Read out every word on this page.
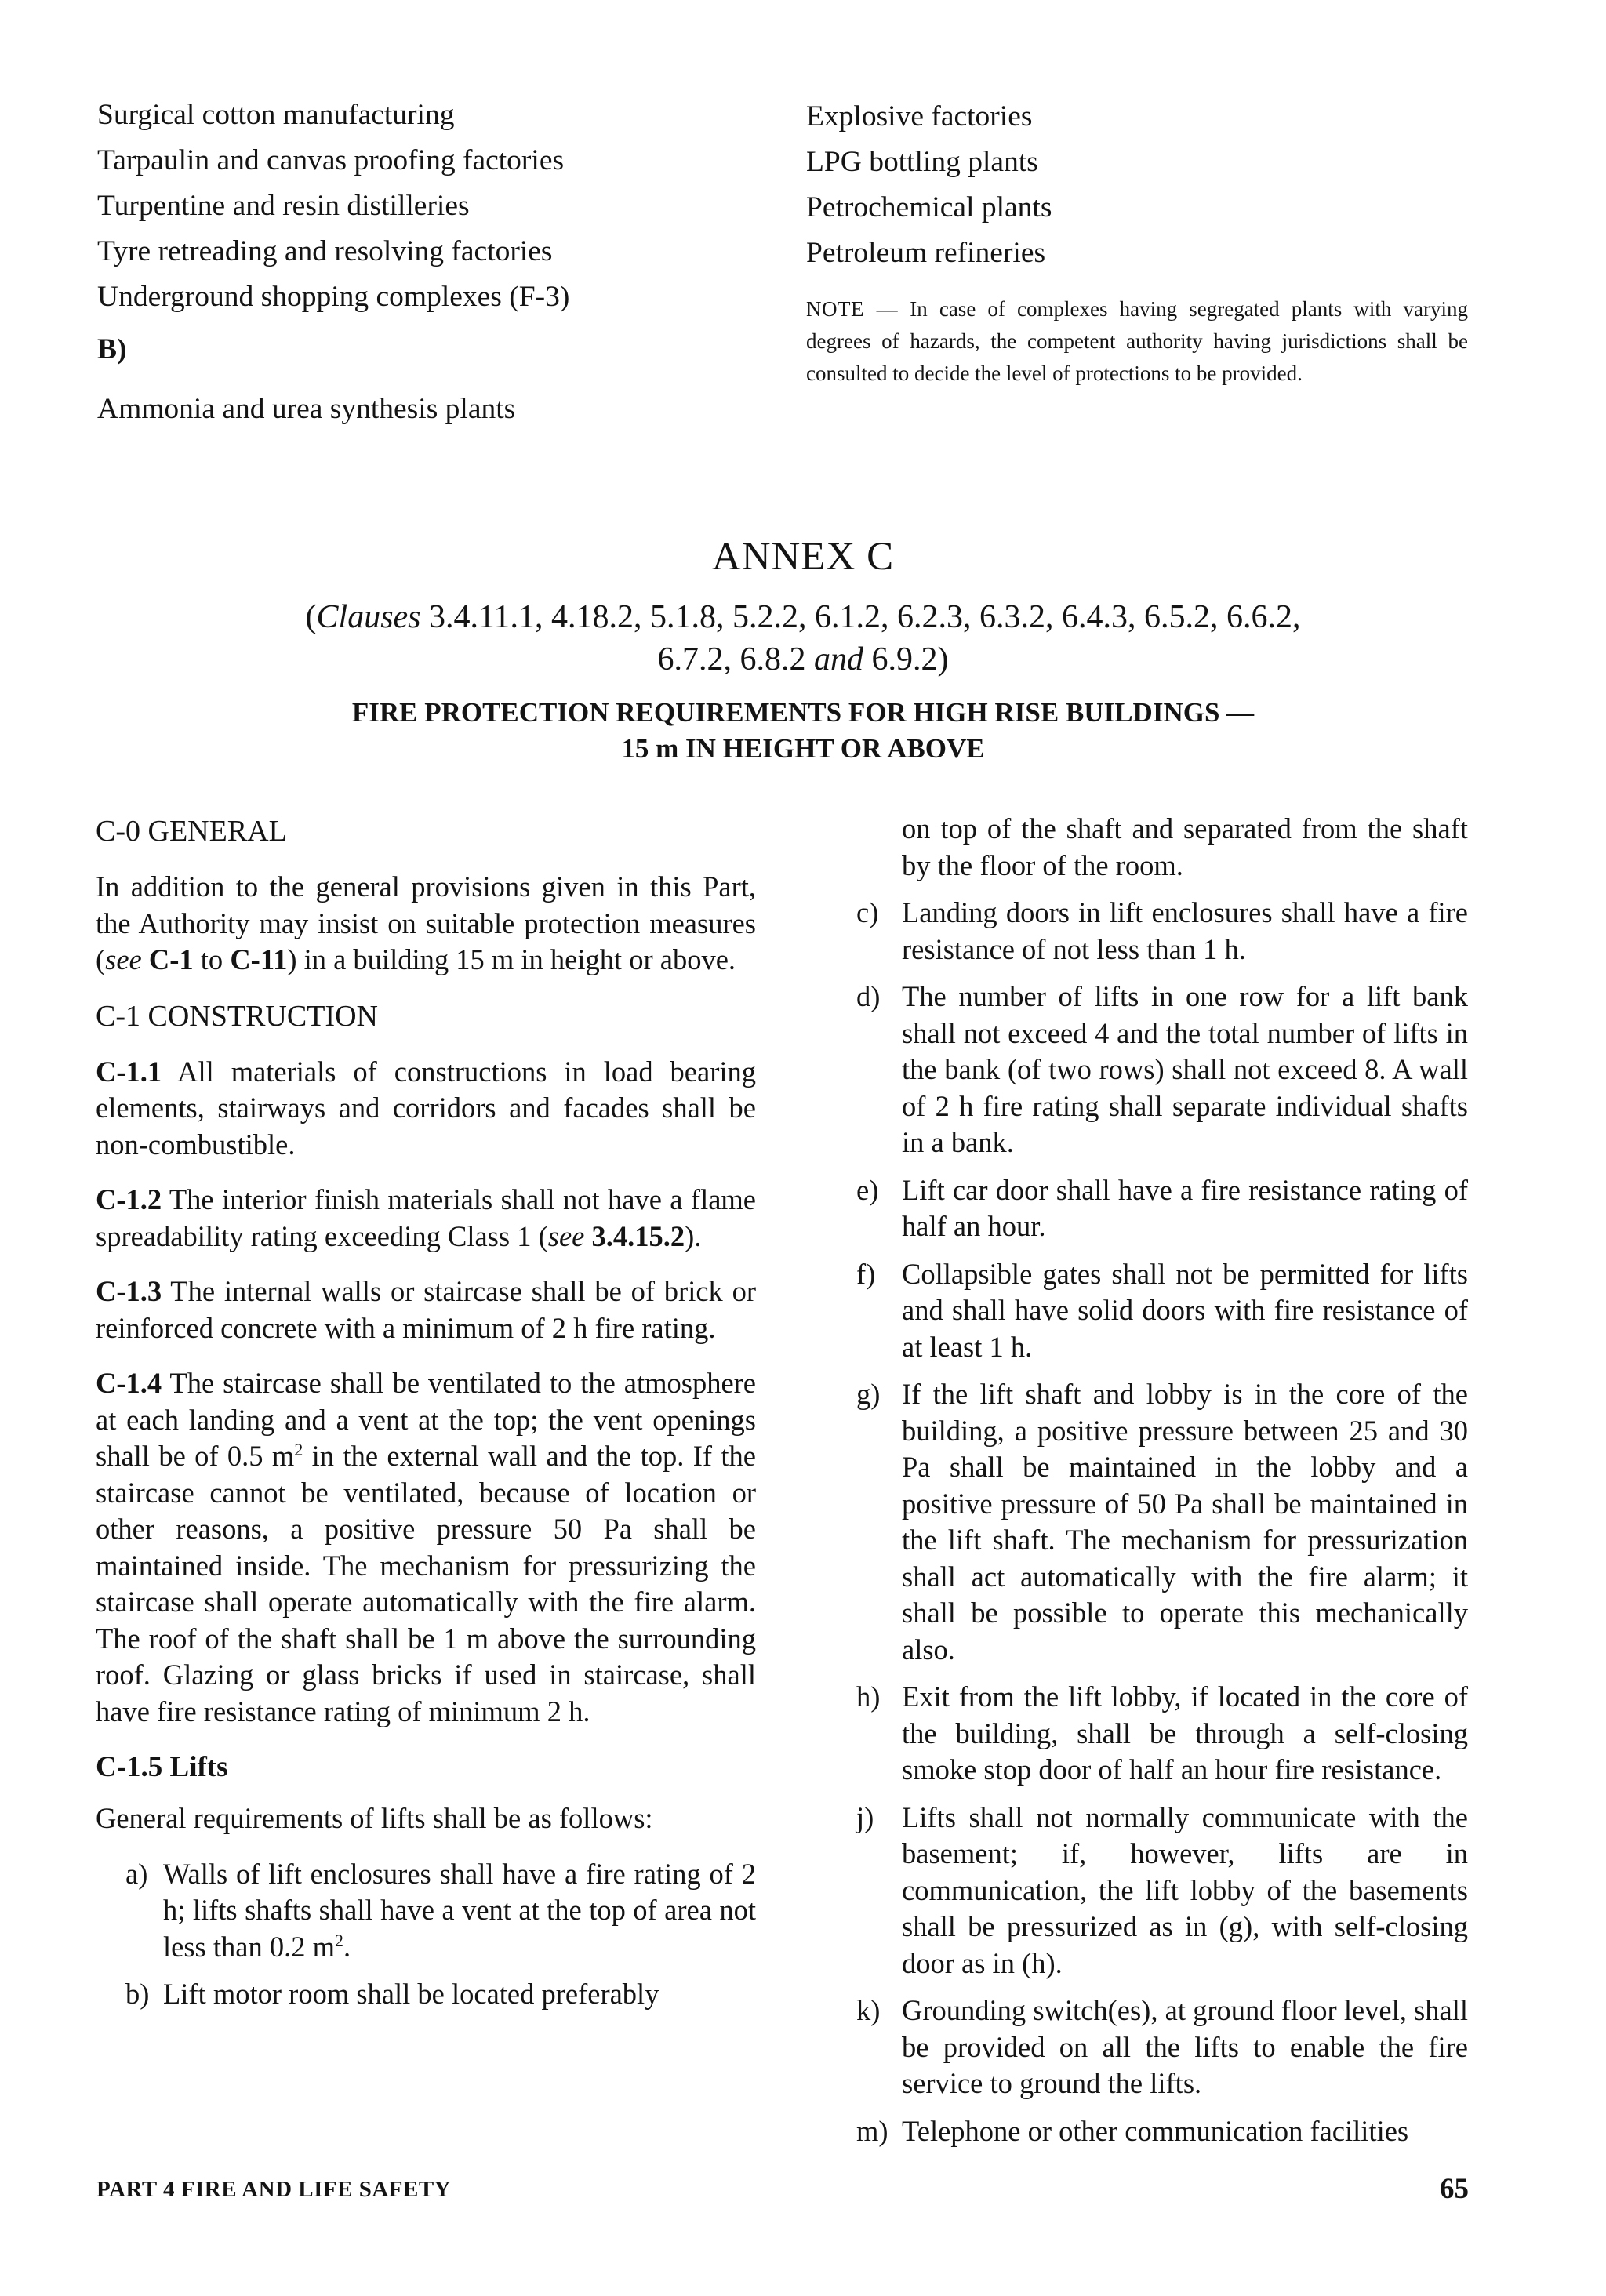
Surgical cotton manufacturing

Tarpaulin and canvas proofing factories

Turpentine and resin distilleries

Tyre retreading and resolving factories

Underground shopping complexes (F-3)

B)

Ammonia and urea synthesis plants

Explosive factories

LPG bottling plants

Petrochemical plants

Petroleum refineries

NOTE — In case of complexes having segregated plants with varying degrees of hazards, the competent authority having jurisdictions shall be consulted to decide the level of protections to be provided.

ANNEX C

(Clauses 3.4.11.1, 4.18.2, 5.1.8, 5.2.2, 6.1.2, 6.2.3, 6.3.2, 6.4.3, 6.5.2, 6.6.2,
6.7.2, 6.8.2 and 6.9.2)

FIRE PROTECTION REQUIREMENTS FOR HIGH RISE BUILDINGS —
15 m IN HEIGHT OR ABOVE

C-0 GENERAL

In addition to the general provisions given in this Part, the Authority may insist on suitable protection measures (see C-1 to C-11) in a building 15 m in height or above.

C-1 CONSTRUCTION

C-1.1 All materials of constructions in load bearing elements, stairways and corridors and facades shall be non-combustible.

C-1.2 The interior finish materials shall not have a flame spreadability rating exceeding Class 1 (see 3.4.15.2).

C-1.3 The internal walls or staircase shall be of brick or reinforced concrete with a minimum of 2 h fire rating.

C-1.4 The staircase shall be ventilated to the atmosphere at each landing and a vent at the top; the vent openings shall be of 0.5 $m^2$ in the external wall and the top. If the staircase cannot be ventilated, because of location or other reasons, a positive pressure 50 Pa shall be maintained inside. The mechanism for pressurizing the staircase shall operate automatically with the fire alarm. The roof of the shaft shall be 1 m above the surrounding roof. Glazing or glass bricks if used in staircase, shall have fire resistance rating of minimum 2 h.

C-1.5 Lifts

General requirements of lifts shall be as follows:

a) Walls of lift enclosures shall have a fire rating of 2 h; lifts shafts shall have a vent at the top of area not less than 0.2 $m^2$.
b) Lift motor room shall be located preferably
on top of the shaft and separated from the shaft by the floor of the room.
c) Landing doors in lift enclosures shall have a fire resistance of not less than 1 h.
d) The number of lifts in one row for a lift bank shall not exceed 4 and the total number of lifts in the bank (of two rows) shall not exceed 8. A wall of 2 h fire rating shall separate individual shafts in a bank.
e) Lift car door shall have a fire resistance rating of half an hour.
f) Collapsible gates shall not be permitted for lifts and shall have solid doors with fire resistance of at least 1 h.
g) If the lift shaft and lobby is in the core of the building, a positive pressure between 25 and 30 Pa shall be maintained in the lobby and a positive pressure of 50 Pa shall be maintained in the lift shaft. The mechanism for pressurization shall act automatically with the fire alarm; it shall be possible to operate this mechanically also.
h) Exit from the lift lobby, if located in the core of the building, shall be through a self-closing smoke stop door of half an hour fire resistance.
j) Lifts shall not normally communicate with the basement; if, however, lifts are in communication, the lift lobby of the basements shall be pressurized as in (g), with self-closing door as in (h).
k) Grounding switch(es), at ground floor level, shall be provided on all the lifts to enable the fire service to ground the lifts.
m) Telephone or other communication facilities
PART 4 FIRE AND LIFE SAFETY	65
